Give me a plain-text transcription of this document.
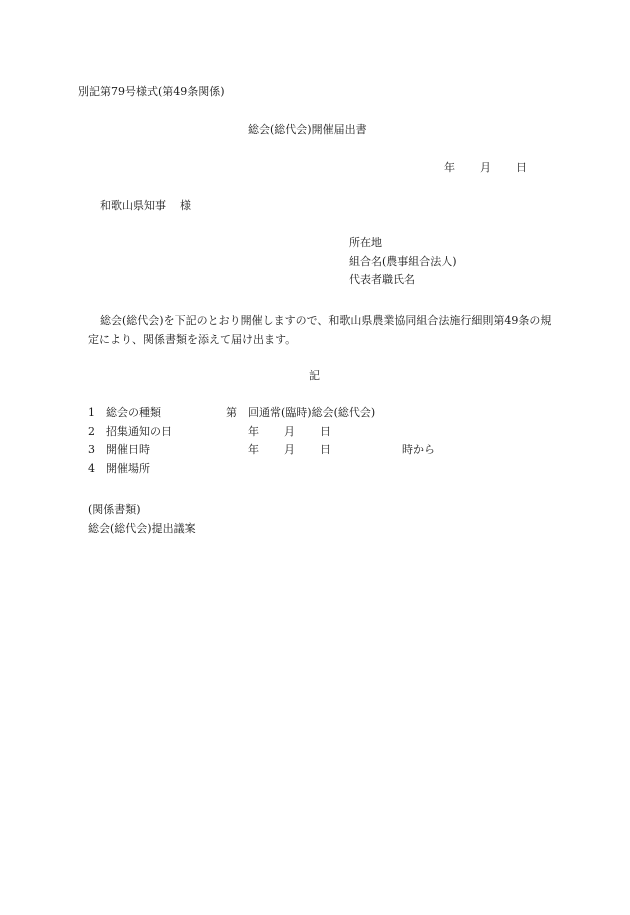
別記第79号様式(第49条関係)
総会(総代会)開催届出書
年 月 日
和歌山県知事 様
所在地
組合名(農事組合法人)
代表者職氏名
総会(総代会)を下記のとおり開催しますので、和歌山県農業協同組合法施行細則第49条の規定により、関係書類を添えて届け出ます。
記
1 総会の種類	第 回通常(臨時)総会(総代会)
2 招集通知の日	年 月 日
3 開催日時	年 月 日	時から
4 開催場所
(関係書類)
総会(総代会)提出議案
